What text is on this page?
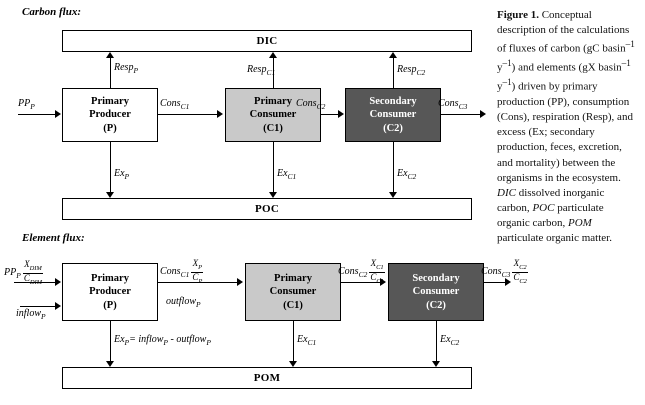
Figure 1. Conceptual description of the calculations of fluxes of carbon (gC basin$^{-1}$ $y^{-1}$) and elements (gX basin$^{-1}$ $y^{-1}$) driven by primary production (PP), consumption (Cons), respiration (Resp), and excess (Ex; secondary production, feces, excretion, and mortality) between the organisms in the ecosystem. DIC dissolved inorganic carbon, POC particulate organic carbon, POM particulate organic matter.
Carbon flux:
DIC
POC
Primary
Producer
(P)
Primary
Consumer
(C1)
Secondary
Consumer
(C2)
$PP_P$
Resp$_P$	Resp$_{C1}$	Resp$_{C2}$
Cons$_{C1}$	Cons$_{C2}$	Cons$_{C3}$
$Ex_P$	$Ex_{C1}$	$Ex_{C2}$
Element flux:
POM
Primary
Producer
(P)
Primary
Consumer
(C1)
Secondary
Consumer
(C2)
$PP_P \frac{X_{DIM}}{C_{DIM}}$
inflow$_P$
outflow$_P$
Cons$_{C1}$ $\frac{X_P}{C_P}$	Cons$_{C2}$ $\frac{X_{C1}}{C_{C1}}$	Cons$_{C3}$ $\frac{X_{C2}}{C_{C2}}$
$Ex_P=$ inflow$_P$ - outflow$_P$	$Ex_{C1}$	$Ex_{C2}$
